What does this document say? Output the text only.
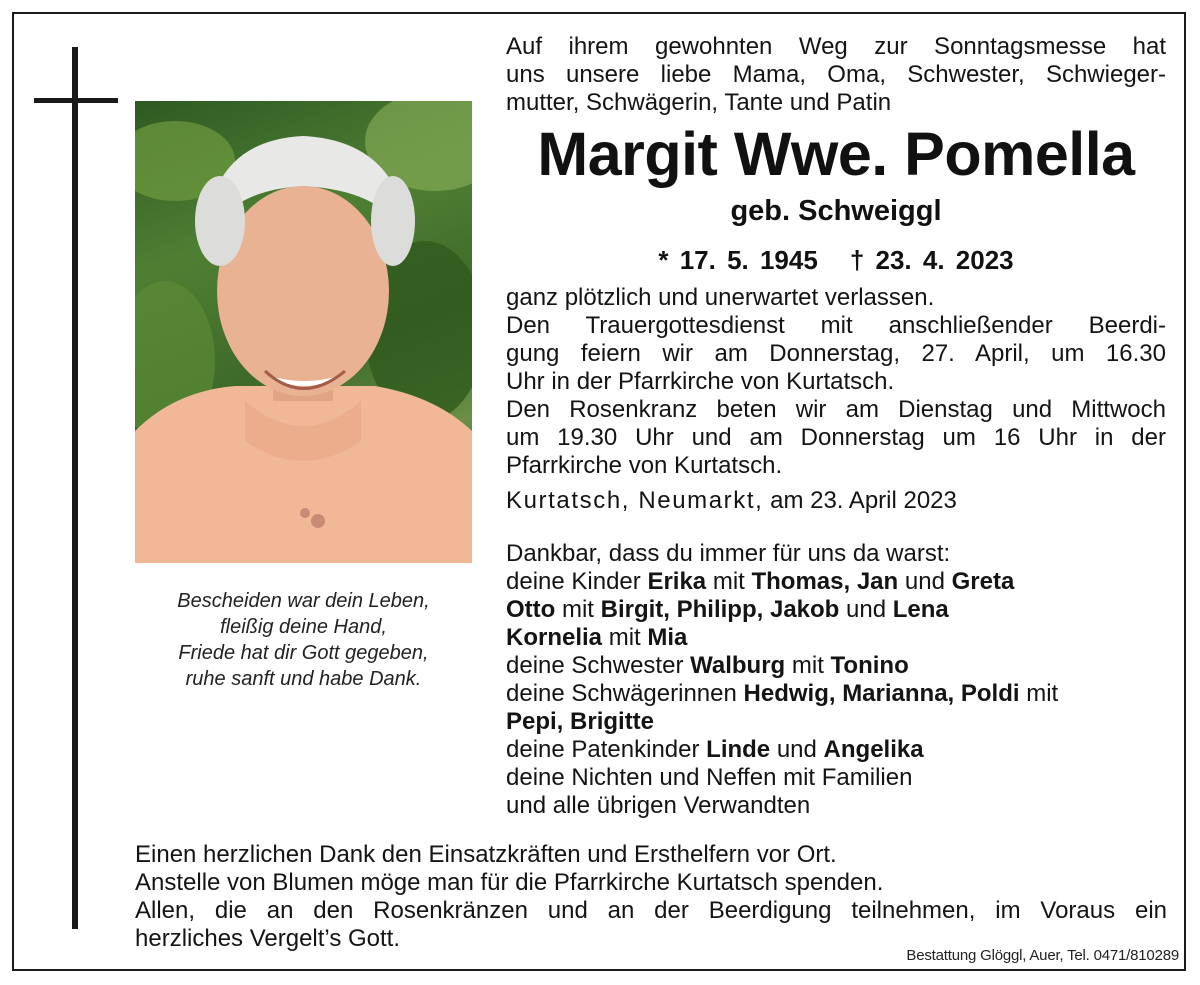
Bescheiden war dein Leben,
fleißig deine Hand,
Friede hat dir Gott gegeben,
ruhe sanft und habe Dank.
Auf ihrem gewohnten Weg zur Sonntagsmesse hat
uns unsere liebe Mama, Oma, Schwester, Schwieger-
mutter, Schwägerin, Tante und Patin
Margit Wwe. Pomella
geb. Schweiggl
* 17. 5. 1945 † 23. 4. 2023
ganz plötzlich und unerwartet verlassen.
Den Trauergottesdienst mit anschließender Beerdi-
gung feiern wir am Donnerstag, 27. April, um 16.30
Uhr in der Pfarrkirche von Kurtatsch.
Den Rosenkranz beten wir am Dienstag und Mittwoch
um 19.30 Uhr und am Donnerstag um 16 Uhr in der
Pfarrkirche von Kurtatsch.
Kurtatsch, Neumarkt, am 23. April 2023
Dankbar, dass du immer für uns da warst:
deine Kinder Erika mit Thomas, Jan und Greta
Otto mit Birgit, Philipp, Jakob und Lena
Kornelia mit Mia
deine Schwester Walburg mit Tonino
deine Schwägerinnen Hedwig, Marianna, Poldi mit
Pepi, Brigitte
deine Patenkinder Linde und Angelika
deine Nichten und Neffen mit Familien
und alle übrigen Verwandten
Einen herzlichen Dank den Einsatzkräften und Ersthelfern vor Ort.
Anstelle von Blumen möge man für die Pfarrkirche Kurtatsch spenden.
Allen, die an den Rosenkränzen und an der Beerdigung teilnehmen, im Voraus ein
herzliches Vergelt’s Gott.
Bestattung Glöggl, Auer, Tel. 0471/810289
